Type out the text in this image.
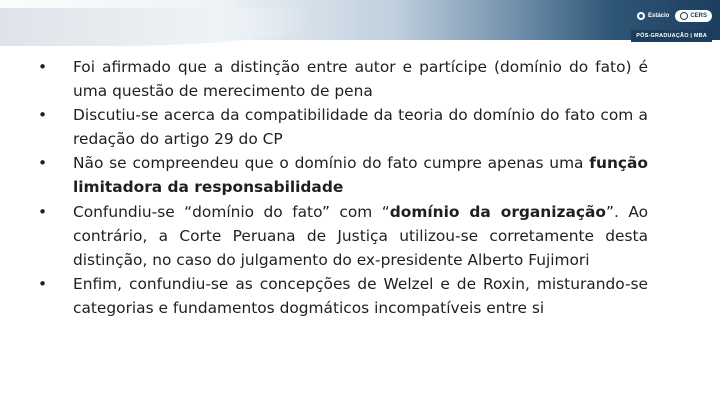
Estácio	CERS
PÓS-GRADUAÇÃO | MBA
• Foi afirmado que a distinção entre autor e partícipe (domínio do fato) é uma questão de merecimento de pena
• Discutiu-se acerca da compatibilidade da teoria do domínio do fato com a redação do artigo 29 do CP
• Não se compreendeu que o domínio do fato cumpre apenas uma função limitadora da responsabilidade
• Confundiu-se “domínio do fato” com “domínio da organização”. Ao contrário, a Corte Peruana de Justiça utilizou-se corretamente desta distinção, no caso do julgamento do ex-presidente Alberto Fujimori
• Enfim, confundiu-se as concepções de Welzel e de Roxin, misturando-se categorias e fundamentos dogmáticos incompatíveis entre si
